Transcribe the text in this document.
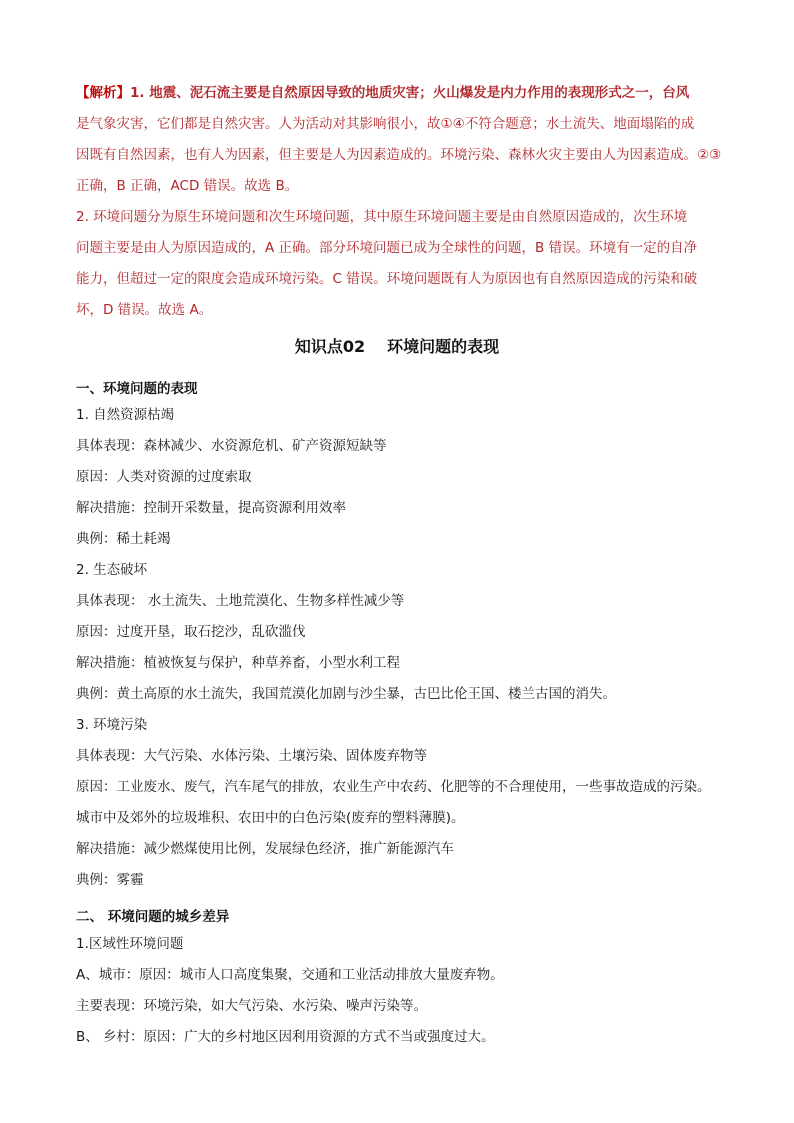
【解析】1. 地震、泥石流主要是自然原因导致的地质灾害；火山爆发是内力作用的表现形式之一，台风
是气象灾害，它们都是自然灾害。人为活动对其影响很小，故①④不符合题意；水土流失、地面塌陷的成
因既有自然因素，也有人为因素，但主要是人为因素造成的。环境污染、森林火灾主要由人为因素造成。②③
正确，B 正确，ACD 错误。故选 B。
2. 环境问题分为原生环境问题和次生环境问题，其中原生环境问题主要是由自然原因造成的，次生环境
问题主要是由人为原因造成的，A 正确。部分环境问题已成为全球性的问题，B 错误。环境有一定的自净
能力，但超过一定的限度会造成环境污染。C 错误。环境问题既有人为原因也有自然原因造成的污染和破
坏，D 错误。故选 A。
知识点02 环境问题的表现
一、环境问题的表现
1. 自然资源枯竭
具体表现：森林减少、水资源危机、矿产资源短缺等
原因：人类对资源的过度索取
解决措施：控制开采数量，提高资源利用效率
典例：稀土耗竭
2. 生态破坏
具体表现： 水土流失、土地荒漠化、生物多样性减少等
原因：过度开垦，取石挖沙，乱砍滥伐
解决措施：植被恢复与保护，种草养畜，小型水利工程
典例：黄土高原的水土流失，我国荒漠化加剧与沙尘暴，古巴比伦王国、楼兰古国的消失。
3. 环境污染
具体表现：大气污染、水体污染、土壤污染、固体废弃物等
原因：工业废水、废气，汽车尾气的排放，农业生产中农药、化肥等的不合理使用，一些事故造成的污染。
城市中及郊外的垃圾堆积、农田中的白色污染(废弃的塑料薄膜)。
解决措施：减少燃煤使用比例，发展绿色经济，推广新能源汽车
典例：雾霾
二、 环境问题的城乡差异
1.区域性环境问题
A、城市：原因：城市人口高度集聚，交通和工业活动排放大量废弃物。
主要表现：环境污染，如大气污染、水污染、噪声污染等。
B、 乡村：原因：广大的乡村地区因利用资源的方式不当或强度过大。
